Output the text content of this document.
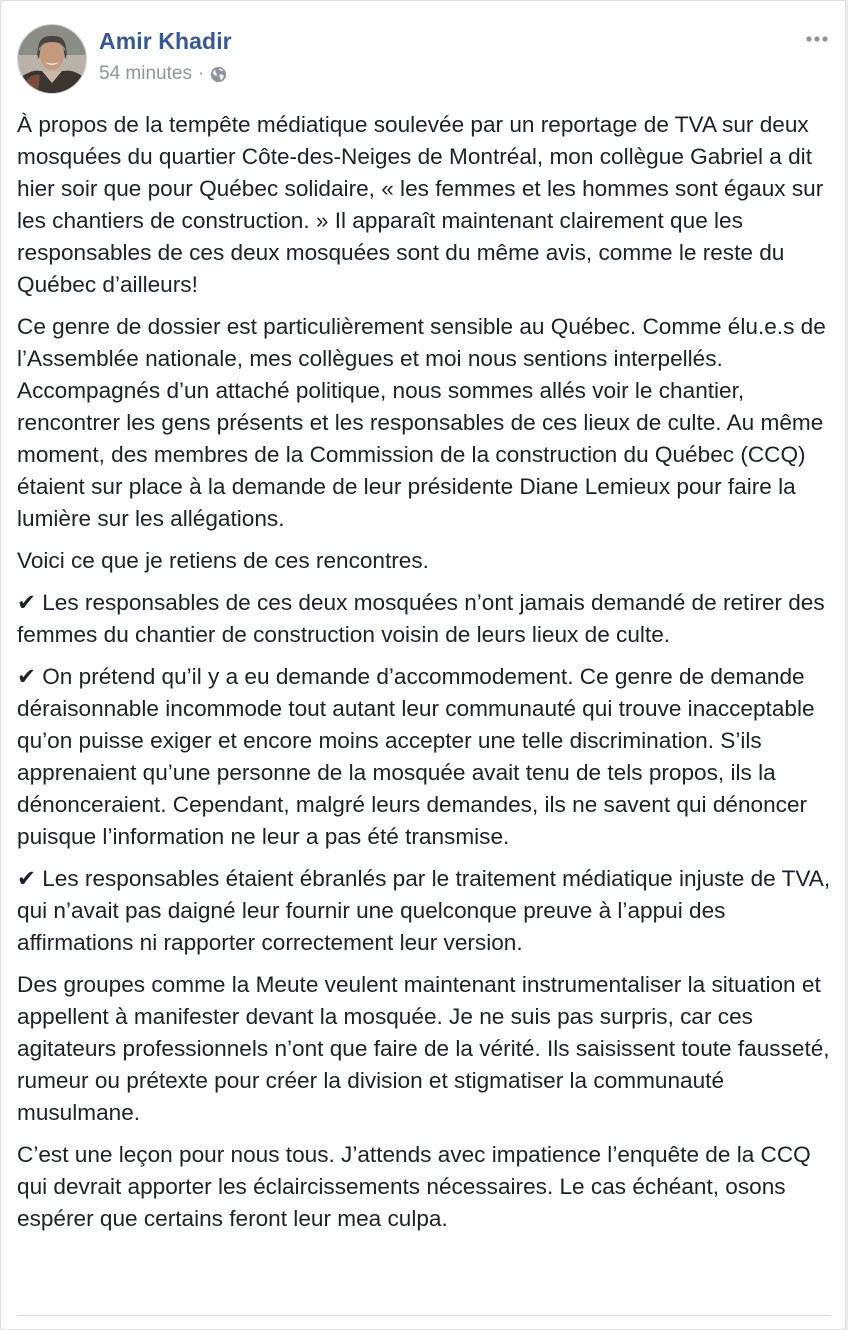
Amir Khadir
54 minutes ·

À propos de la tempête médiatique soulevée par un reportage de TVA sur deux mosquées du quartier Côte-des-Neiges de Montréal, mon collègue Gabriel a dit hier soir que pour Québec solidaire, « les femmes et les hommes sont égaux sur les chantiers de construction. » Il apparaît maintenant clairement que les responsables de ces deux mosquées sont du même avis, comme le reste du Québec d’ailleurs!

Ce genre de dossier est particulièrement sensible au Québec. Comme élu.e.s de l’Assemblée nationale, mes collègues et moi nous sentions interpellés. Accompagnés d’un attaché politique, nous sommes allés voir le chantier, rencontrer les gens présents et les responsables de ces lieux de culte. Au même moment, des membres de la Commission de la construction du Québec (CCQ) étaient sur place à la demande de leur présidente Diane Lemieux pour faire la lumière sur les allégations.

Voici ce que je retiens de ces rencontres.

✔ Les responsables de ces deux mosquées n’ont jamais demandé de retirer des femmes du chantier de construction voisin de leurs lieux de culte.

✔ On prétend qu’il y a eu demande d’accommodement. Ce genre de demande déraisonnable incommode tout autant leur communauté qui trouve inacceptable qu’on puisse exiger et encore moins accepter une telle discrimination. S’ils apprenaient qu’une personne de la mosquée avait tenu de tels propos, ils la dénonceraient. Cependant, malgré leurs demandes, ils ne savent qui dénoncer puisque l’information ne leur a pas été transmise.

✔ Les responsables étaient ébranlés par le traitement médiatique injuste de TVA, qui n’avait pas daigné leur fournir une quelconque preuve à l’appui des affirmations ni rapporter correctement leur version.

Des groupes comme la Meute veulent maintenant instrumentaliser la situation et appellent à manifester devant la mosquée. Je ne suis pas surpris, car ces agitateurs professionnels n’ont que faire de la vérité. Ils saisissent toute fausseté, rumeur ou prétexte pour créer la division et stigmatiser la communauté musulmane.

C’est une leçon pour nous tous. J’attends avec impatience l’enquête de la CCQ qui devrait apporter les éclaircissements nécessaires. Le cas échéant, osons espérer que certains feront leur mea culpa.
